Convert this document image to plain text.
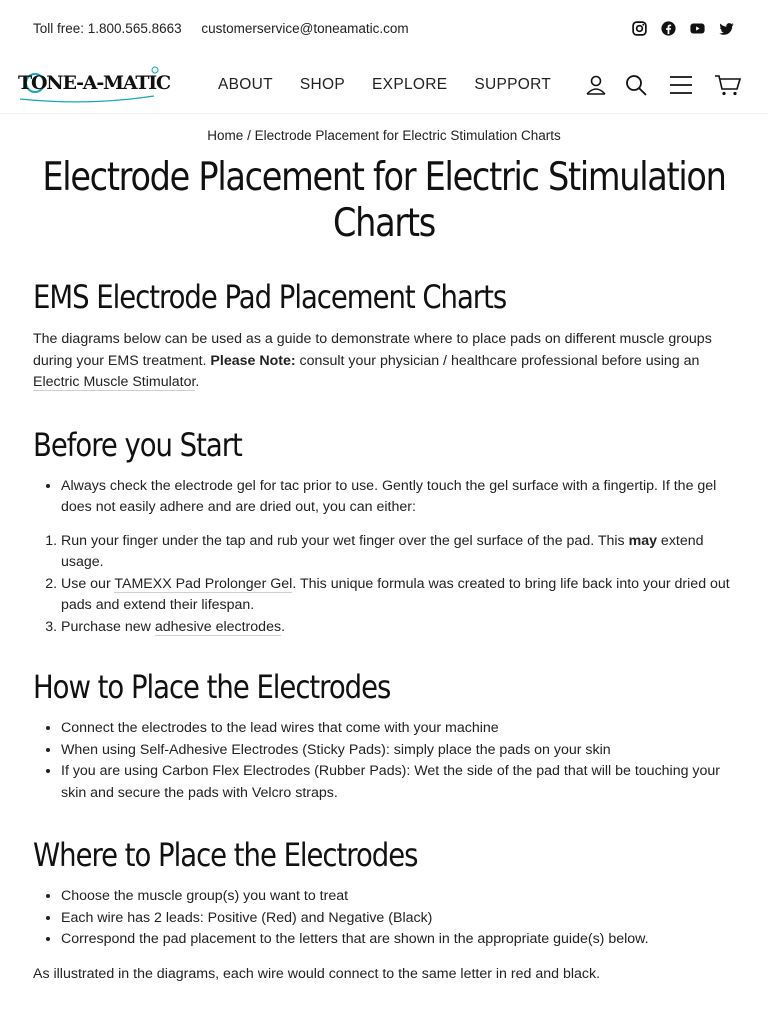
Toll free: 1.800.565.8663 customerservice@toneamatic.com
TONE-A-MATIC	ABOUT SHOP EXPLORE SUPPORT
Home / Electrode Placement for Electric Stimulation Charts
Electrode Placement for Electric Stimulation Charts
EMS Electrode Pad Placement Charts

The diagrams below can be used as a guide to demonstrate where to place pads on different muscle groups during your EMS treatment. Please Note: consult your physician / healthcare professional before using an Electric Muscle Stimulator.

Before you Start
• Always check the electrode gel for tac prior to use. Gently touch the gel surface with a fingertip. If the gel does not easily adhere and are dried out, you can either:
1. Run your finger under the tap and rub your wet finger over the gel surface of the pad. This may extend usage.
2. Use our TAMEXX Pad Prolonger Gel. This unique formula was created to bring life back into your dried out pads and extend their lifespan.
3. Purchase new adhesive electrodes.
How to Place the Electrodes
• Connect the electrodes to the lead wires that come with your machine
• When using Self-Adhesive Electrodes (Sticky Pads): simply place the pads on your skin
• If you are using Carbon Flex Electrodes (Rubber Pads): Wet the side of the pad that will be touching your skin and secure the pads with Velcro straps.
Where to Place the Electrodes
• Choose the muscle group(s) you want to treat
• Each wire has 2 leads: Positive (Red) and Negative (Black)
• Correspond the pad placement to the letters that are shown in the appropriate guide(s) below.

As illustrated in the diagrams, each wire would connect to the same letter in red and black.
